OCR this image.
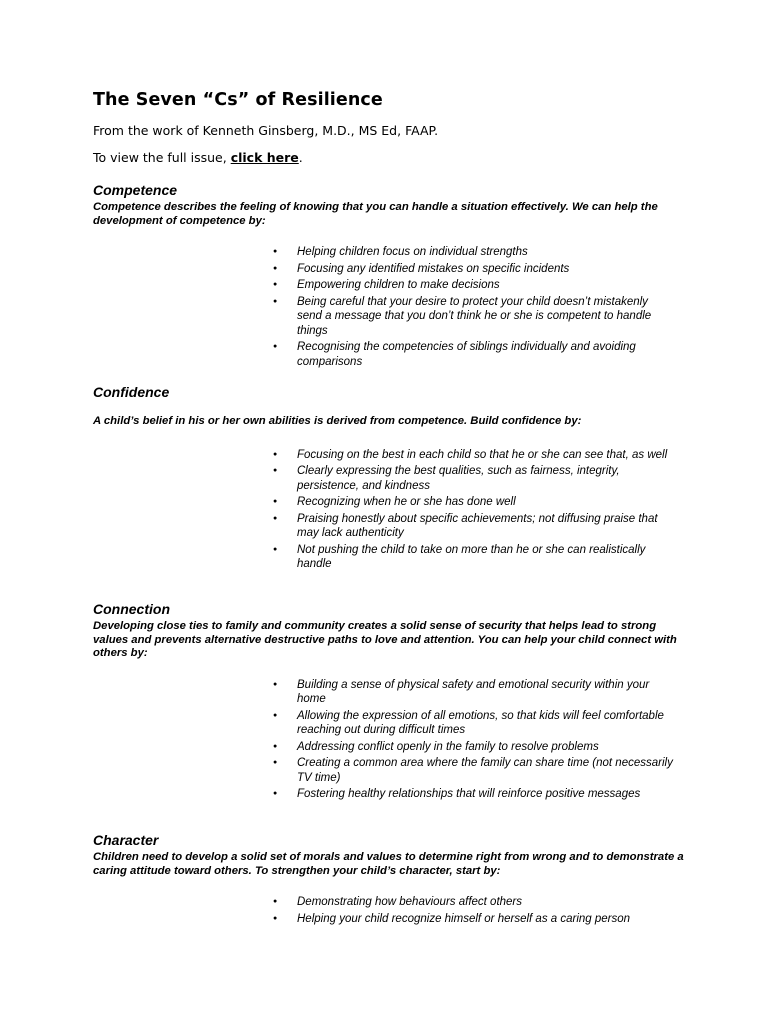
The Seven “Cs” of Resilience
From the work of Kenneth Ginsberg, M.D., MS Ed, FAAP.
To view the full issue, click here.
Competence

Competence describes the feeling of knowing that you can handle a situation effectively. We can help the development of competence by:

● Helping children focus on individual strengths
● Focusing any identified mistakes on specific incidents
● Empowering children to make decisions
● Being careful that your desire to protect your child doesn’t mistakenly send a message that you don’t think he or she is competent to handle things
● Recognising the competencies of siblings individually and avoiding comparisons
Confidence

A child’s belief in his or her own abilities is derived from competence. Build confidence by:

● Focusing on the best in each child so that he or she can see that, as well
● Clearly expressing the best qualities, such as fairness, integrity, persistence, and kindness
● Recognizing when he or she has done well
● Praising honestly about specific achievements; not diffusing praise that may lack authenticity
● Not pushing the child to take on more than he or she can realistically handle
Connection

Developing close ties to family and community creates a solid sense of security that helps lead to strong values and prevents alternative destructive paths to love and attention. You can help your child connect with others by:

● Building a sense of physical safety and emotional security within your home
● Allowing the expression of all emotions, so that kids will feel comfortable reaching out during difficult times
● Addressing conflict openly in the family to resolve problems
● Creating a common area where the family can share time (not necessarily TV time)
● Fostering healthy relationships that will reinforce positive messages
Character

Children need to develop a solid set of morals and values to determine right from wrong and to demonstrate a caring attitude toward others. To strengthen your child’s character, start by:

● Demonstrating how behaviours affect others
● Helping your child recognize himself or herself as a caring person
